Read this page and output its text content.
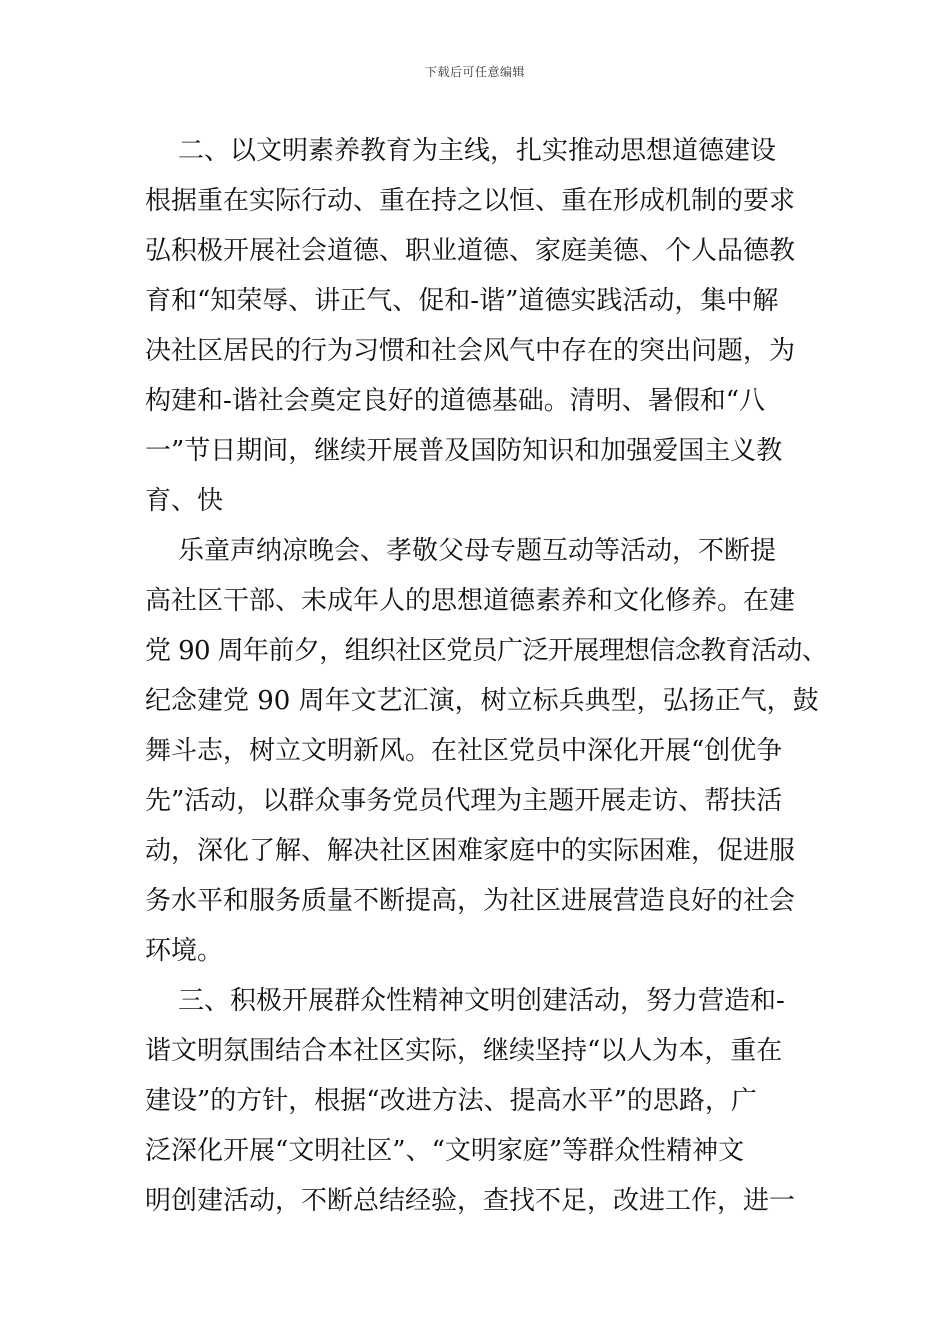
下载后可任意编辑
二、以文明素养教育为主线，扎实推动思想道德建设
根据重在实际行动、重在持之以恒、重在形成机制的要求
弘积极开展社会道德、职业道德、家庭美德、个人品德教
育和“知荣辱、讲正气、促和-谐”道德实践活动，集中解
决社区居民的行为习惯和社会风气中存在的突出问题，为
构建和-谐社会奠定良好的道德基础。清明、暑假和“八
一”节日期间，继续开展普及国防知识和加强爱国主义教
育、快
乐童声纳凉晚会、孝敬父母专题互动等活动，不断提
高社区干部、未成年人的思想道德素养和文化修养。在建
党 90 周年前夕，组织社区党员广泛开展理想信念教育活动、
纪念建党 90 周年文艺汇演，树立标兵典型，弘扬正气，鼓
舞斗志，树立文明新风。在社区党员中深化开展“创优争
先”活动，以群众事务党员代理为主题开展走访、帮扶活
动，深化了解、解决社区困难家庭中的实际困难，促进服
务水平和服务质量不断提高，为社区进展营造良好的社会
环境。
三、积极开展群众性精神文明创建活动，努力营造和-
谐文明氛围结合本社区实际，继续坚持“以人为本，重在
建设”的方针，根据“改进方法、提高水平”的思路，广
泛深化开展“文明社区”、“文明家庭”等群众性精神文
明创建活动，不断总结经验，查找不足，改进工作，进一
